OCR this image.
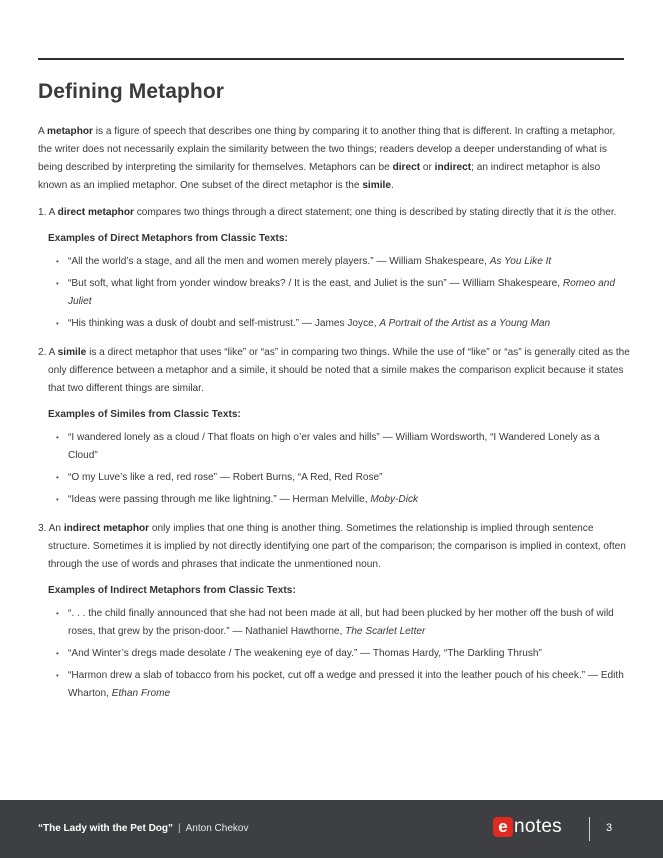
Defining Metaphor

A metaphor is a figure of speech that describes one thing by comparing it to another thing that is different. In crafting a metaphor, the writer does not necessarily explain the similarity between the two things; readers develop a deeper understanding of what is being described by interpreting the similarity for themselves. Metaphors can be direct or indirect; an indirect metaphor is also known as an implied metaphor. One subset of the direct metaphor is the simile.

1. A direct metaphor compares two things through a direct statement; one thing is described by stating directly that it is the other.

Examples of Direct Metaphors from Classic Texts:

• “All the world’s a stage, and all the men and women merely players.” — William Shakespeare, As You Like It
• “But soft, what light from yonder window breaks? / It is the east, and Juliet is the sun” — William Shakespeare, Romeo and Juliet
• “His thinking was a dusk of doubt and self-mistrust.” — James Joyce, A Portrait of the Artist as a Young Man

2. A simile is a direct metaphor that uses “like” or “as” in comparing two things. While the use of “like” or “as” is generally cited as the only difference between a metaphor and a simile, it should be noted that a simile makes the comparison explicit because it states that two different things are similar.

Examples of Similes from Classic Texts:

• “I wandered lonely as a cloud / That floats on high o’er vales and hills” — William Wordsworth, “I Wandered Lonely as a Cloud”
• “O my Luve’s like a red, red rose” — Robert Burns, “A Red, Red Rose”
• “Ideas were passing through me like lightning.” — Herman Melville, Moby-Dick

3. An indirect metaphor only implies that one thing is another thing. Sometimes the relationship is implied through sentence structure. Sometimes it is implied by not directly identifying one part of the comparison; the comparison is implied in context, often through the use of words and phrases that indicate the unmentioned noun.

Examples of Indirect Metaphors from Classic Texts:

• “. . . the child finally announced that she had not been made at all, but had been plucked by her mother off the bush of wild roses, that grew by the prison-door.” — Nathaniel Hawthorne, The Scarlet Letter
• “And Winter’s dregs made desolate / The weakening eye of day.” — Thomas Hardy, “The Darkling Thrush”
• “Harmon drew a slab of tobacco from his pocket, cut off a wedge and pressed it into the leather pouch of his cheek.” — Edith Wharton, Ethan Frome
“The Lady with the Pet Dog” | Anton Chekov	e notes	3
